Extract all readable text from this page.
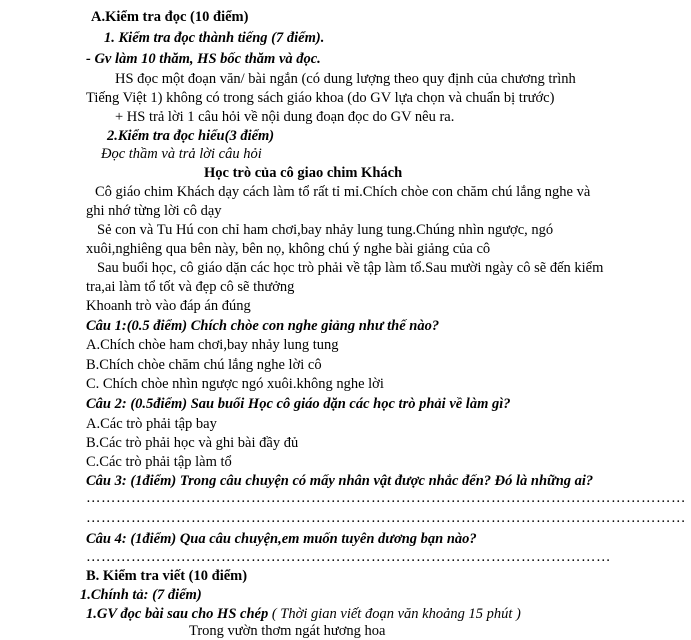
A.Kiểm tra đọc (10 điểm)
1. Kiểm tra đọc thành tiếng (7 điểm).
- Gv làm 10 thăm, HS bốc thăm và đọc.
HS đọc một đoạn văn/ bài ngắn (có dung lượng theo quy định của chương trình
Tiếng Việt 1) không có trong sách giáo khoa (do GV lựa chọn và chuẩn bị trước)
+ HS trả lời 1 câu hỏi về nội dung đoạn đọc do GV nêu ra.
2.Kiểm tra đọc hiểu(3 điểm)
Đọc thầm và trả lời câu hỏi
Học trò của cô giao chim Khách
Cô giáo chim Khách dạy cách làm tổ rất tỉ mỉ.Chích chòe con chăm chú lắng nghe và
ghi nhớ từng lời cô dạy
Sẻ con và Tu Hú con chỉ ham chơi,bay nhảy lung tung.Chúng nhìn ngược, ngó
xuôi,nghiêng qua bên này, bên nọ, không chú ý nghe bài giảng của cô
Sau buổi học, cô giáo dặn các học trò phải về tập làm tổ.Sau mười ngày cô sẽ đến kiểm
tra,ai làm tổ tốt và đẹp cô sẽ thưởng
Khoanh trò vào đáp án đúng
Câu 1:(0.5 điểm) Chích chòe con nghe giảng như thế nào?
A.Chích chòe ham chơi,bay nhảy lung tung
B.Chích chòe chăm chú lắng nghe lời cô
C. Chích chòe nhìn ngược ngó xuôi.không nghe lời
Câu 2: (0.5điểm) Sau buổi Học cô giáo dặn các học trò phải về làm gì?
A.Các trò phải tập bay
B.Các trò phải học và ghi bài đầy đủ
C.Các trò phải tập làm tổ
Câu 3: (1điểm) Trong câu chuyện có mấy nhân vật được nhắc đến? Đó là những ai?
…………………………………………………………………………………………………………
…………………………………………………………………………………………………………
Câu 4: (1điểm) Qua câu chuyện,em muốn tuyên dương bạn nào?
……………………………………………………………………………………………
B. Kiểm tra viết (10 điểm)
1.Chính tả: (7 điểm)
1.GV đọc bài sau cho HS chép ( Thời gian viết đoạn văn khoảng 15 phút )
Trong vườn thơm ngát hương hoa
